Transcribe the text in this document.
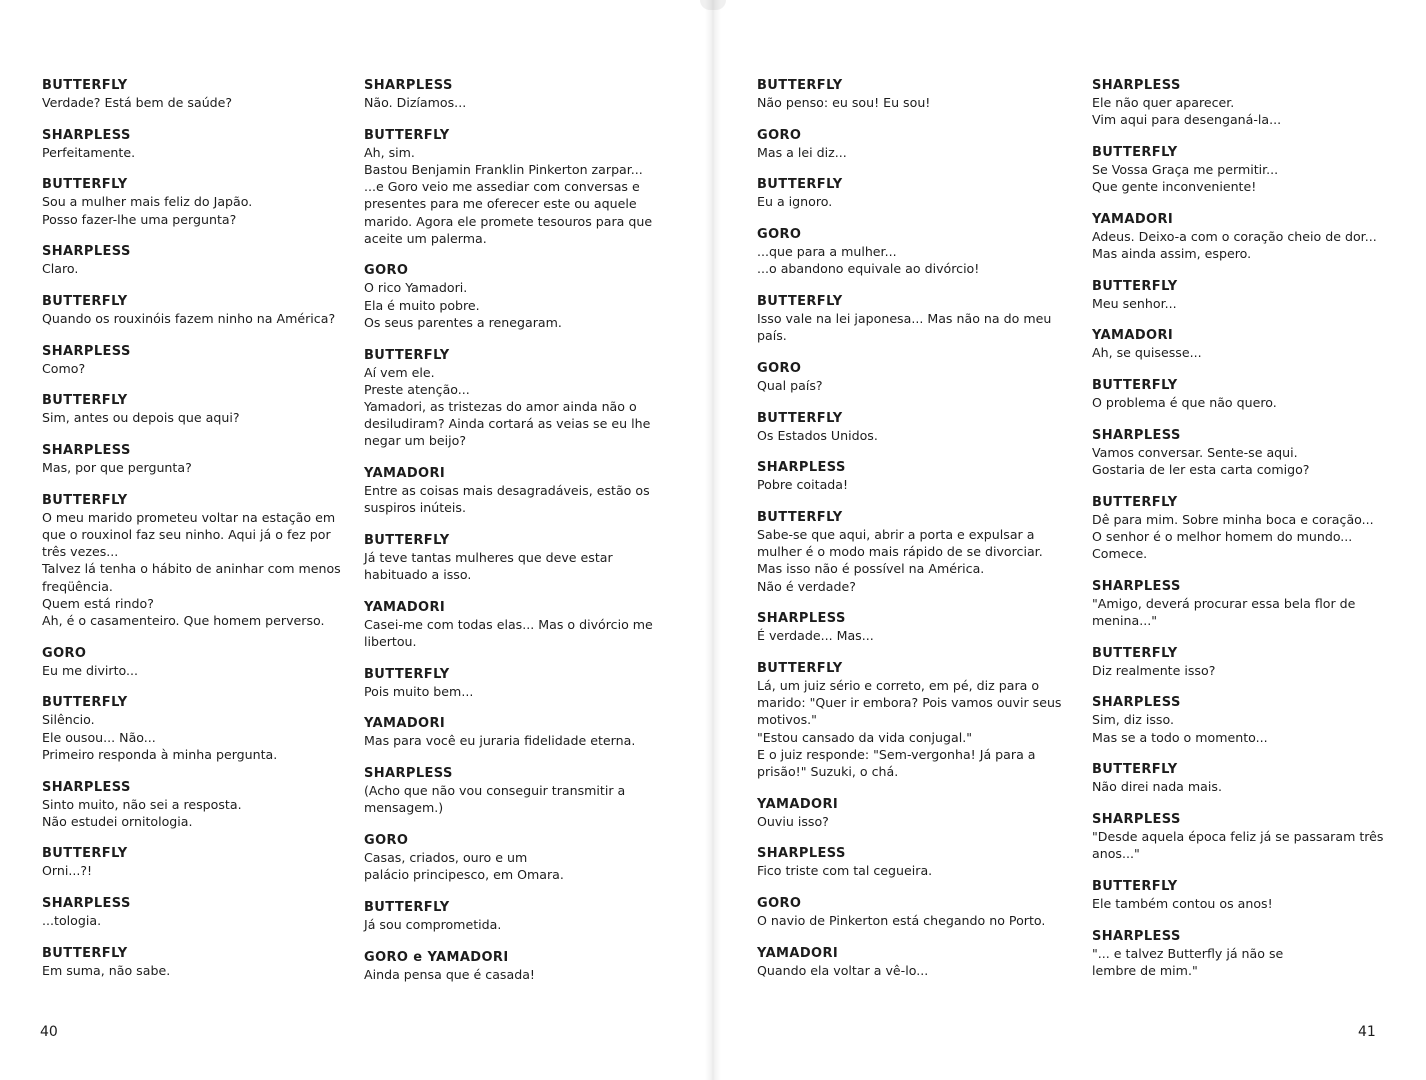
BUTTERFLY
Verdade? Está bem de saúde?
SHARPLESS
Perfeitamente.
BUTTERFLY
Sou a mulher mais feliz do Japão.
Posso fazer-lhe uma pergunta?
SHARPLESS
Claro.
BUTTERFLY
Quando os rouxinóis fazem ninho na América?
SHARPLESS
Como?
BUTTERFLY
Sim, antes ou depois que aqui?
SHARPLESS
Mas, por que pergunta?
BUTTERFLY
O meu marido prometeu voltar na estação em
que o rouxinol faz seu ninho. Aqui já o fez por
três vezes...
Talvez lá tenha o hábito de aninhar com menos
freqüência.
Quem está rindo?
Ah, é o casamenteiro. Que homem perverso.
GORO
Eu me divirto...
BUTTERFLY
Silêncio.
Ele ousou... Não...
Primeiro responda à minha pergunta.
SHARPLESS
Sinto muito, não sei a resposta.
Não estudei ornitologia.
BUTTERFLY
Orni...?!
SHARPLESS
...tologia.
BUTTERFLY
Em suma, não sabe.
SHARPLESS
Não. Dizíamos...
BUTTERFLY
Ah, sim.
Bastou Benjamin Franklin Pinkerton zarpar...
...e Goro veio me assediar com conversas e
presentes para me oferecer este ou aquele
marido. Agora ele promete tesouros para que
aceite um palerma.
GORO
O rico Yamadori.
Ela é muito pobre.
Os seus parentes a renegaram.
BUTTERFLY
Aí vem ele.
Preste atenção...
Yamadori, as tristezas do amor ainda não o
desiludiram? Ainda cortará as veias se eu lhe
negar um beijo?
YAMADORI
Entre as coisas mais desagradáveis, estão os
suspiros inúteis.
BUTTERFLY
Já teve tantas mulheres que deve estar
habituado a isso.
YAMADORI
Casei-me com todas elas... Mas o divórcio me
libertou.
BUTTERFLY
Pois muito bem...
YAMADORI
Mas para você eu juraria fidelidade eterna.
SHARPLESS
(Acho que não vou conseguir transmitir a
mensagem.)
GORO
Casas, criados, ouro e um
palácio principesco, em Omara.
BUTTERFLY
Já sou comprometida.
GORO e YAMADORI
Ainda pensa que é casada!
BUTTERFLY
Não penso: eu sou! Eu sou!
GORO
Mas a lei diz...
BUTTERFLY
Eu a ignoro.
GORO
...que para a mulher...
...o abandono equivale ao divórcio!
BUTTERFLY
Isso vale na lei japonesa... Mas não na do meu
país.
GORO
Qual país?
BUTTERFLY
Os Estados Unidos.
SHARPLESS
Pobre coitada!
BUTTERFLY
Sabe-se que aqui, abrir a porta e expulsar a
mulher é o modo mais rápido de se divorciar.
Mas isso não é possível na América.
Não é verdade?
SHARPLESS
É verdade... Mas...
BUTTERFLY
Lá, um juiz sério e correto, em pé, diz para o
marido: "Quer ir embora? Pois vamos ouvir seus
motivos."
"Estou cansado da vida conjugal."
E o juiz responde: "Sem-vergonha! Já para a
prisão!" Suzuki, o chá.
YAMADORI
Ouviu isso?
SHARPLESS
Fico triste com tal cegueira.
GORO
O navio de Pinkerton está chegando no Porto.
YAMADORI
Quando ela voltar a vê-lo...
SHARPLESS
Ele não quer aparecer.
Vim aqui para desenganá-la...
BUTTERFLY
Se Vossa Graça me permitir...
Que gente inconveniente!
YAMADORI
Adeus. Deixo-a com o coração cheio de dor...
Mas ainda assim, espero.
BUTTERFLY
Meu senhor...
YAMADORI
Ah, se quisesse...
BUTTERFLY
O problema é que não quero.
SHARPLESS
Vamos conversar. Sente-se aqui.
Gostaria de ler esta carta comigo?
BUTTERFLY
Dê para mim. Sobre minha boca e coração...
O senhor é o melhor homem do mundo...
Comece.
SHARPLESS
"Amigo, deverá procurar essa bela flor de
menina..."
BUTTERFLY
Diz realmente isso?
SHARPLESS
Sim, diz isso.
Mas se a todo o momento...
BUTTERFLY
Não direi nada mais.
SHARPLESS
"Desde aquela época feliz já se passaram três
anos..."
BUTTERFLY
Ele também contou os anos!
SHARPLESS
"... e talvez Butterfly já não se
lembre de mim."
40	41
